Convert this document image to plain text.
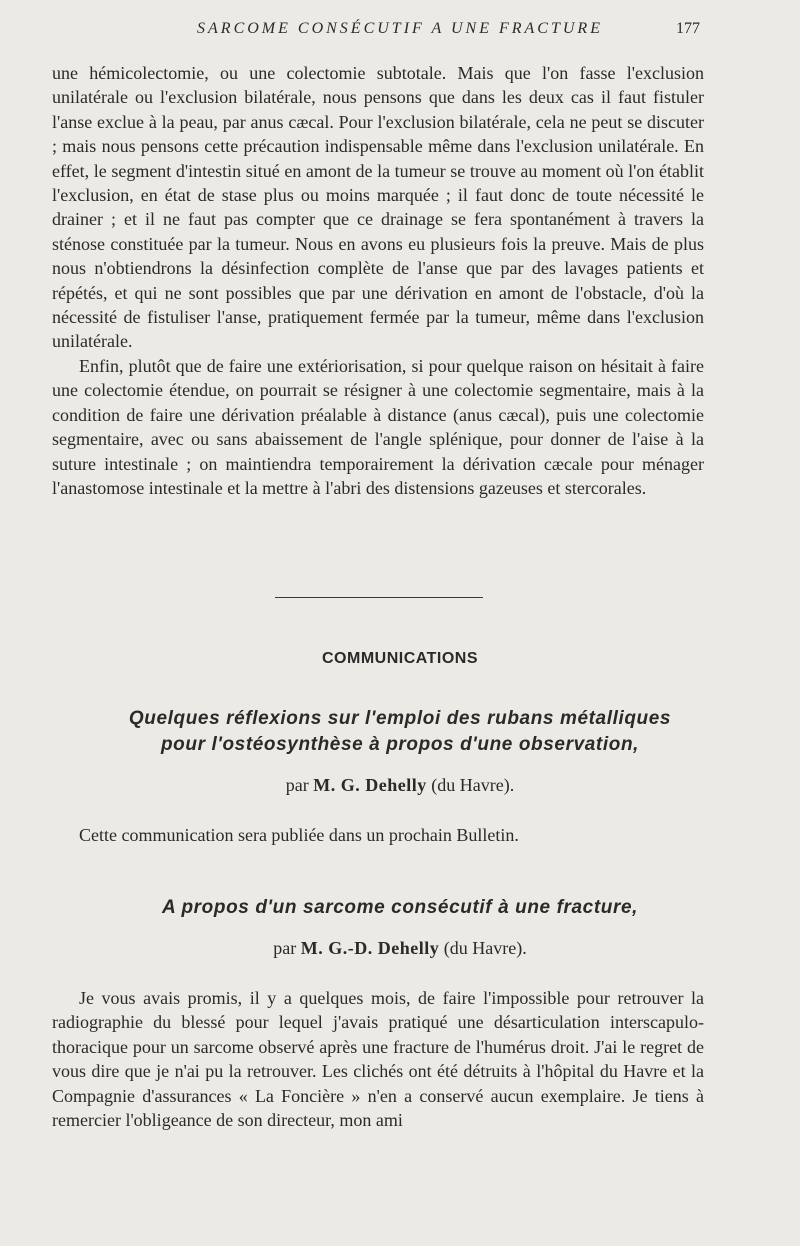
SARCOME CONSÉCUTIF A UNE FRACTURE	177

une hémicolectomie, ou une colectomie subtotale. Mais que l'on fasse l'exclusion unilatérale ou l'exclusion bilatérale, nous pensons que dans les deux cas il faut fistuler l'anse exclue à la peau, par anus cæcal. Pour l'exclusion bilatérale, cela ne peut se discuter ; mais nous pensons cette précaution indispensable même dans l'exclusion unilatérale. En effet, le segment d'intestin situé en amont de la tumeur se trouve au moment où l'on établit l'exclusion, en état de stase plus ou moins marquée ; il faut donc de toute nécessité le drainer ; et il ne faut pas compter que ce drainage se fera spontanément à travers la sténose constituée par la tumeur. Nous en avons eu plusieurs fois la preuve. Mais de plus nous n'obtiendrons la désinfection complète de l'anse que par des lavages patients et répétés, et qui ne sont possibles que par une dérivation en amont de l'obstacle, d'où la nécessité de fistuliser l'anse, pratiquement fermée par la tumeur, même dans l'exclusion unilatérale.

Enfin, plutôt que de faire une extériorisation, si pour quelque raison on hésitait à faire une colectomie étendue, on pourrait se résigner à une colectomie segmentaire, mais à la condition de faire une dérivation préalable à distance (anus cæcal), puis une colectomie segmentaire, avec ou sans abaissement de l'angle splénique, pour donner de l'aise à la suture intestinale ; on maintiendra temporairement la dérivation cæcale pour ménager l'anastomose intestinale et la mettre à l'abri des distensions gazeuses et stercorales.

COMMUNICATIONS
Quelques réflexions sur l'emploi des rubans métalliques
pour l'ostéosynthèse à propos d'une observation,
par M. G. Dehelly (du Havre).

Cette communication sera publiée dans un prochain Bulletin.

A propos d'un sarcome consécutif à une fracture,
par M. G.-D. Dehelly (du Havre).

Je vous avais promis, il y a quelques mois, de faire l'impossible pour retrouver la radiographie du blessé pour lequel j'avais pratiqué une désarticulation interscapulo-thoracique pour un sarcome observé après une fracture de l'humérus droit. J'ai le regret de vous dire que je n'ai pu la retrouver. Les clichés ont été détruits à l'hôpital du Havre et la Compagnie d'assurances « La Foncière » n'en a conservé aucun exemplaire. Je tiens à remercier l'obligeance de son directeur, mon ami
